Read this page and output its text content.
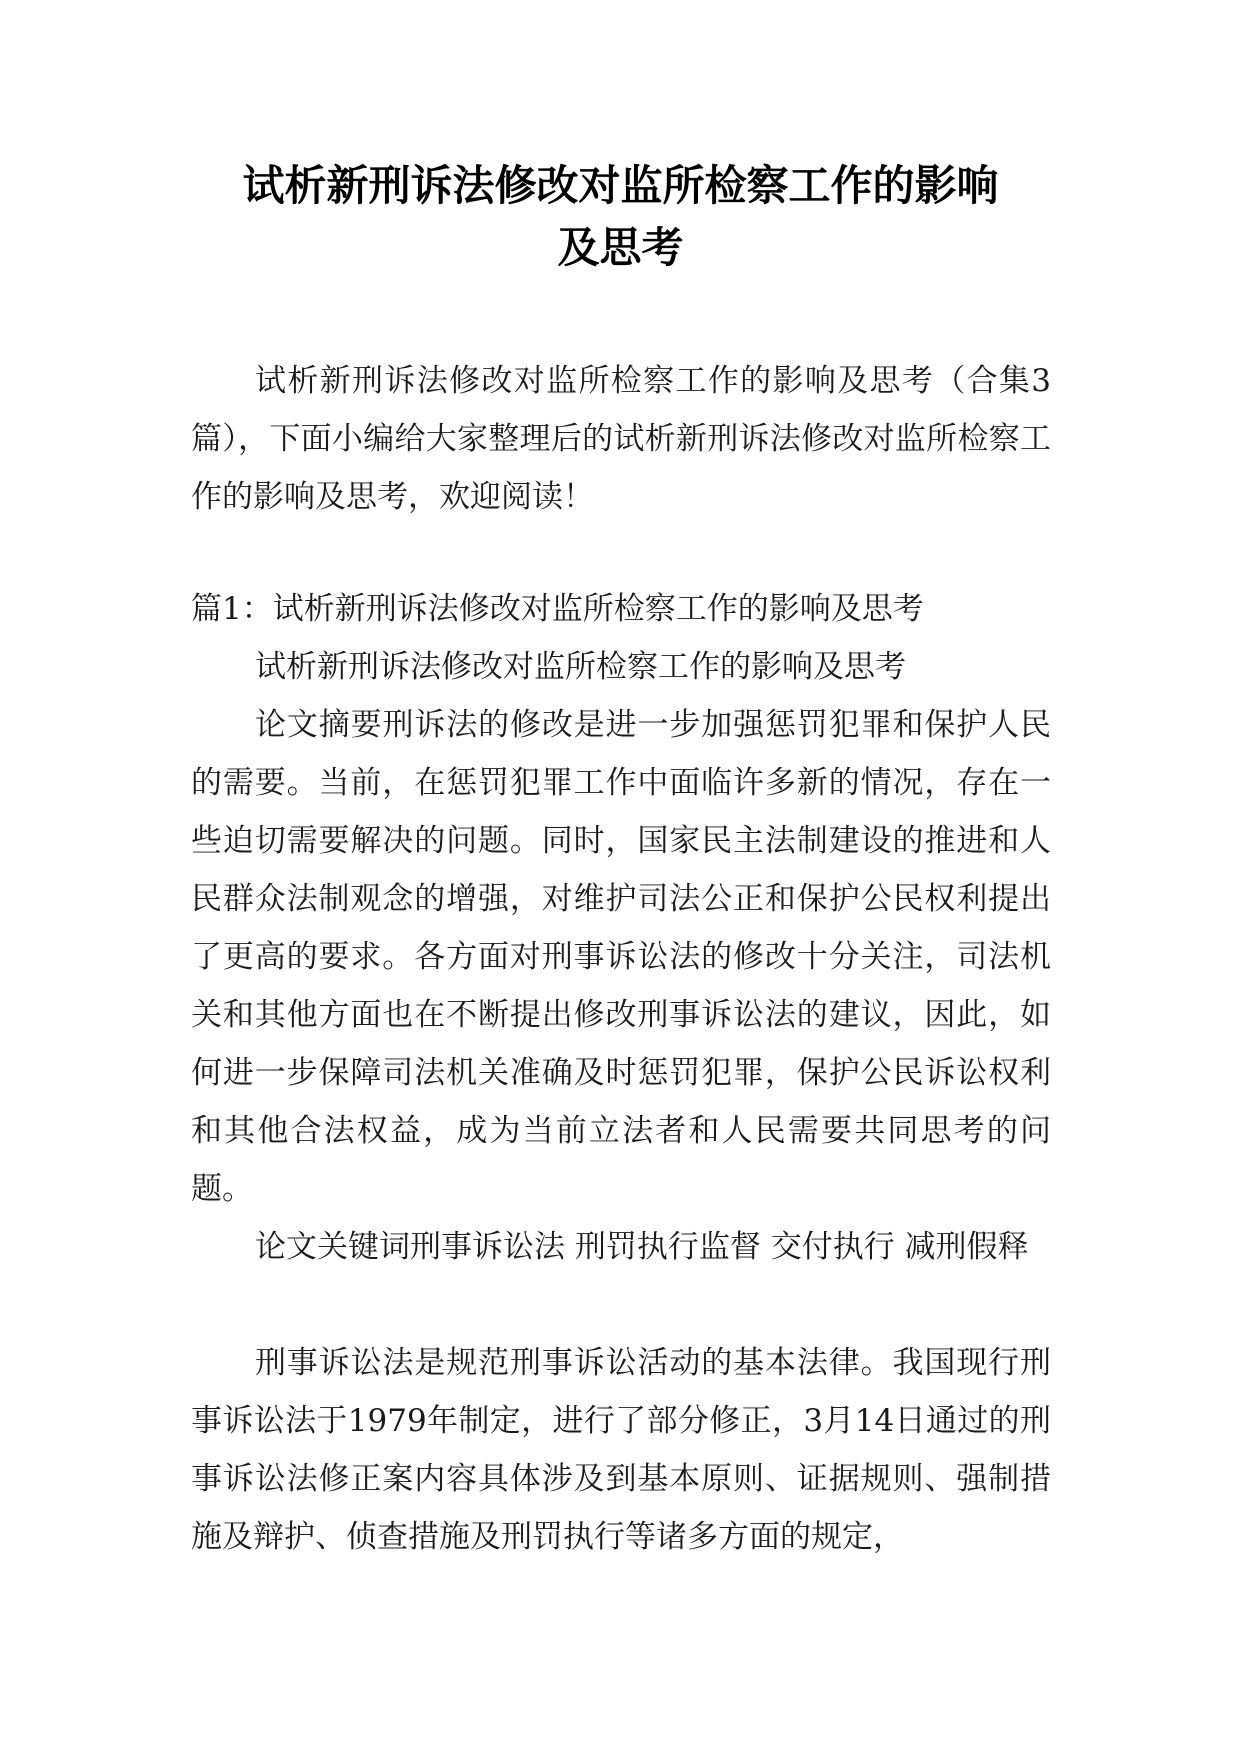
试析新刑诉法修改对监所检察工作的影响
及思考

试析新刑诉法修改对监所检察工作的影响及思考（合集3篇），下面小编给大家整理后的试析新刑诉法修改对监所检察工作的影响及思考，欢迎阅读！

篇1：试析新刑诉法修改对监所检察工作的影响及思考

试析新刑诉法修改对监所检察工作的影响及思考

论文摘要刑诉法的修改是进一步加强惩罚犯罪和保护人民的需要。当前，在惩罚犯罪工作中面临许多新的情况，存在一些迫切需要解决的问题。同时，国家民主法制建设的推进和人民群众法制观念的增强，对维护司法公正和保护公民权利提出了更高的要求。各方面对刑事诉讼法的修改十分关注，司法机关和其他方面也在不断提出修改刑事诉讼法的建议，因此，如何进一步保障司法机关准确及时惩罚犯罪，保护公民诉讼权利和其他合法权益，成为当前立法者和人民需要共同思考的问题。

论文关键词刑事诉讼法 刑罚执行监督 交付执行 减刑假释

刑事诉讼法是规范刑事诉讼活动的基本法律。我国现行刑事诉讼法于1979年制定，进行了部分修正，3月14日通过的刑事诉讼法修正案内容具体涉及到基本原则、证据规则、强制措施及辩护、侦查措施及刑罚执行等诸多方面的规定，
